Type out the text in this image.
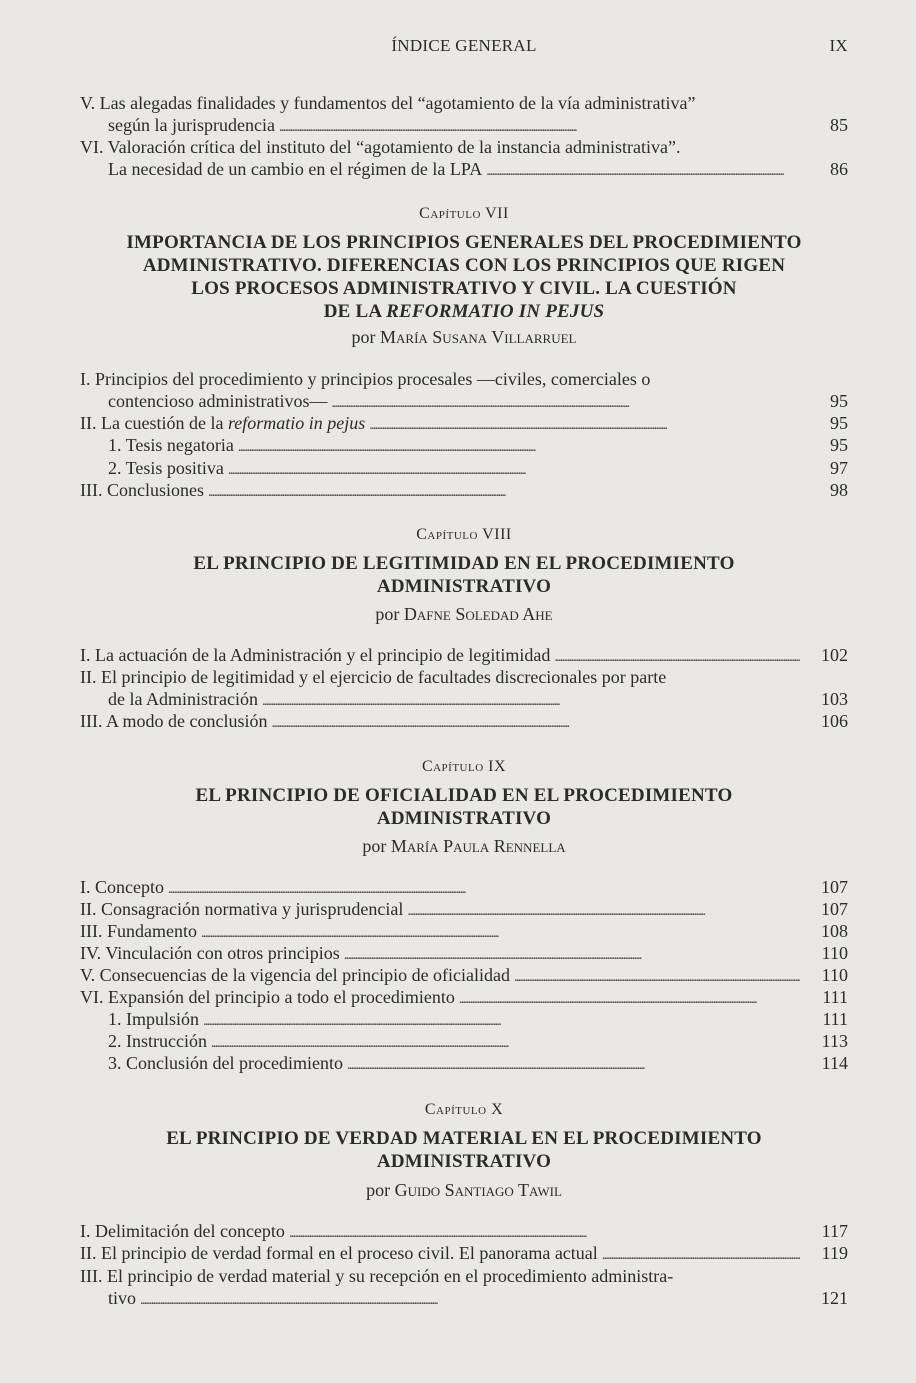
ÍNDICE GENERAL	IX
V. Las alegadas finalidades y fundamentos del “agotamiento de la vía administrativa”
según la jurisprudencia . . .	85
VI. Valoración crítica del instituto del “agotamiento de la instancia administrativa”.
La necesidad de un cambio en el régimen de la LPA . . .	86
Capítulo VII
IMPORTANCIA DE LOS PRINCIPIOS GENERALES DEL PROCEDIMIENTO
ADMINISTRATIVO. DIFERENCIAS CON LOS PRINCIPIOS QUE RIGEN
LOS PROCESOS ADMINISTRATIVO Y CIVIL. LA CUESTIÓN
DE LA REFORMATIO IN PEJUS
por María Susana Villarruel
I. Principios del procedimiento y principios procesales —civiles, comerciales o
contencioso administrativos— . . .	95
II. La cuestión de la reformatio in pejus . . .	95
1. Tesis negatoria . . .	95
2. Tesis positiva . . .	97
III. Conclusiones . . .	98
Capítulo VIII
EL PRINCIPIO DE LEGITIMIDAD EN EL PROCEDIMIENTO
ADMINISTRATIVO
por Dafne Soledad Ahe
I. La actuación de la Administración y el principio de legitimidad . . .	102
II. El principio de legitimidad y el ejercicio de facultades discrecionales por parte
de la Administración . . .	103
III. A modo de conclusión . . .	106
Capítulo IX
EL PRINCIPIO DE OFICIALIDAD EN EL PROCEDIMIENTO
ADMINISTRATIVO
por María Paula Rennella
I. Concepto . . .	107
II. Consagración normativa y jurisprudencial . . .	107
III. Fundamento . . .	108
IV. Vinculación con otros principios . . .	110
V. Consecuencias de la vigencia del principio de oficialidad . . .	110
VI. Expansión del principio a todo el procedimiento . . .	111
1. Impulsión . . .	111
2. Instrucción . . .	113
3. Conclusión del procedimiento . . .	114
Capítulo X
EL PRINCIPIO DE VERDAD MATERIAL EN EL PROCEDIMIENTO
ADMINISTRATIVO
por Guido Santiago Tawil
I. Delimitación del concepto . . .	117
II. El principio de verdad formal en el proceso civil. El panorama actual . . .	119
III. El principio de verdad material y su recepción en el procedimiento administra-
tivo . . .	121
